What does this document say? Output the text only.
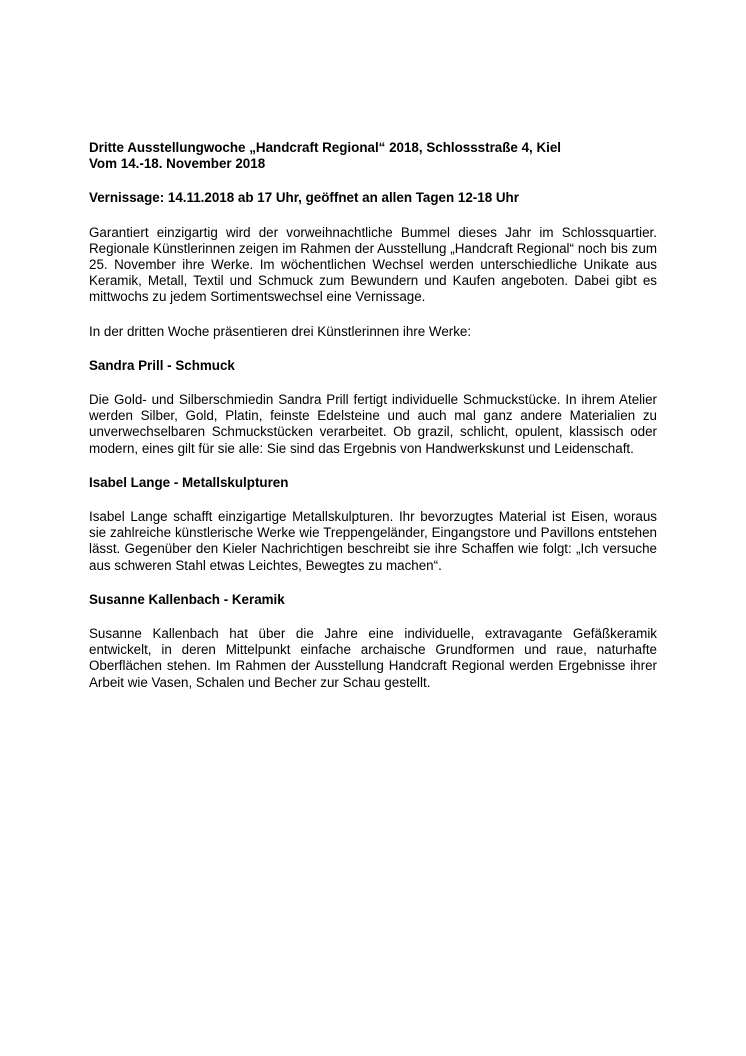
Dritte Ausstellungwoche „Handcraft Regional“ 2018, Schlossstraße 4, Kiel

Vom 14.-18. November 2018

Vernissage: 14.11.2018 ab 17 Uhr, geöffnet an allen Tagen 12-18 Uhr

Garantiert einzigartig wird der vorweihnachtliche Bummel dieses Jahr im Schlossquartier. Regionale Künstlerinnen zeigen im Rahmen der Ausstellung „Handcraft Regional“ noch bis zum 25. November ihre Werke. Im wöchentlichen Wechsel werden unterschiedliche Unikate aus Keramik, Metall, Textil und Schmuck zum Bewundern und Kaufen angeboten. Dabei gibt es mittwochs zu jedem Sortimentswechsel eine Vernissage.

In der dritten Woche präsentieren drei Künstlerinnen ihre Werke:

Sandra Prill - Schmuck

Die Gold- und Silberschmiedin Sandra Prill fertigt individuelle Schmuckstücke. In ihrem Atelier werden Silber, Gold, Platin, feinste Edelsteine und auch mal ganz andere Materialien zu unverwechselbaren Schmuckstücken verarbeitet. Ob grazil, schlicht, opulent, klassisch oder modern, eines gilt für sie alle: Sie sind das Ergebnis von Handwerkskunst und Leidenschaft.

Isabel Lange - Metallskulpturen

Isabel Lange schafft einzigartige Metallskulpturen. Ihr bevorzugtes Material ist Eisen, woraus sie zahlreiche künstlerische Werke wie Treppengeländer, Eingangstore und Pavillons entstehen lässt. Gegenüber den Kieler Nachrichtigen beschreibt sie ihre Schaffen wie folgt: „Ich versuche aus schweren Stahl etwas Leichtes, Bewegtes zu machen“.

Susanne Kallenbach - Keramik

Susanne Kallenbach hat über die Jahre eine individuelle, extravagante Gefäßkeramik entwickelt, in deren Mittelpunkt einfache archaische Grundformen und raue, naturhafte Oberflächen stehen. Im Rahmen der Ausstellung Handcraft Regional werden Ergebnisse ihrer Arbeit wie Vasen, Schalen und Becher zur Schau gestellt.
